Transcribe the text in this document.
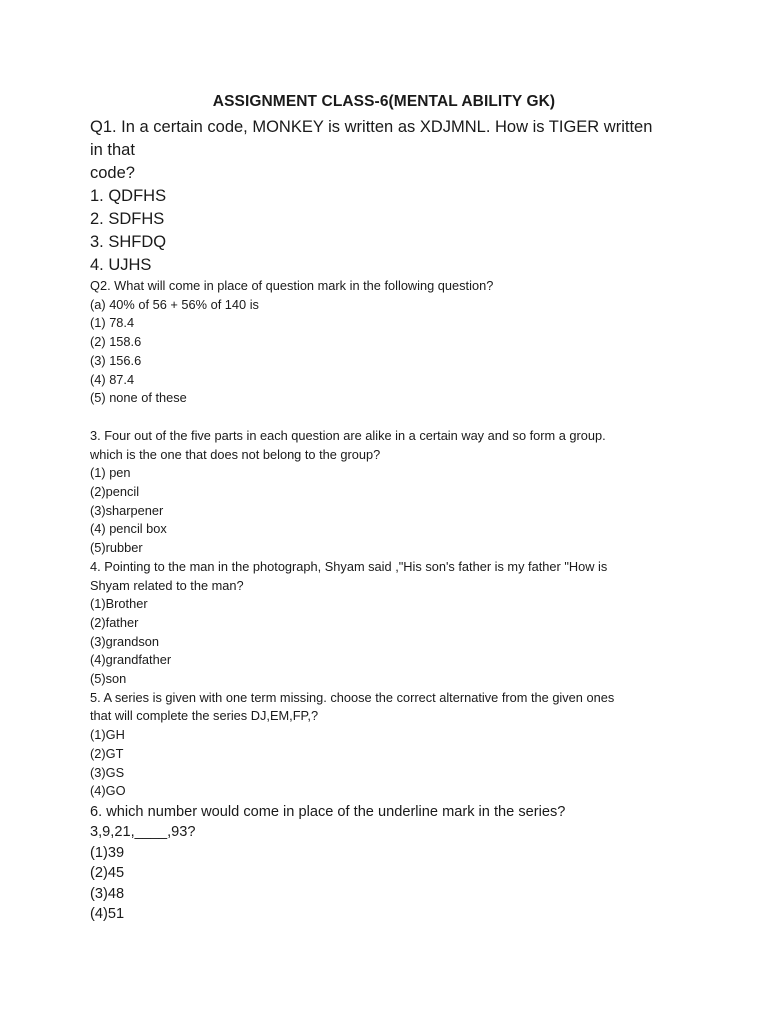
ASSIGNMENT CLASS-6(MENTAL ABILITY GK)
Q1. In a certain code, MONKEY is written as XDJMNL. How is TIGER written
in that
code?
1. QDFHS
2. SDFHS
3. SHFDQ
4. UJHS
Q2. What will come in place of question mark in the following question?
(a) 40% of 56 + 56% of 140 is
(1) 78.4
(2) 158.6
(3) 156.6
(4) 87.4
(5) none of these
3. Four out of the five parts in each question are alike in a certain way and so form a group.
which is the one that does not belong to the group?
(1) pen
(2)pencil
(3)sharpener
(4) pencil box
(5)rubber
4. Pointing to the man in the photograph, Shyam said ,"His son's father is my father "How is
Shyam related to the man?
(1)Brother
(2)father
(3)grandson
(4)grandfather
(5)son
5. A series is given with one term missing. choose the correct alternative from the given ones
that will complete the series DJ,EM,FP,?
(1)GH
(2)GT
(3)GS
(4)GO
6. which number would come in place of the underline mark in the series?
3,9,21,____,93?
(1)39
(2)45
(3)48
(4)51
